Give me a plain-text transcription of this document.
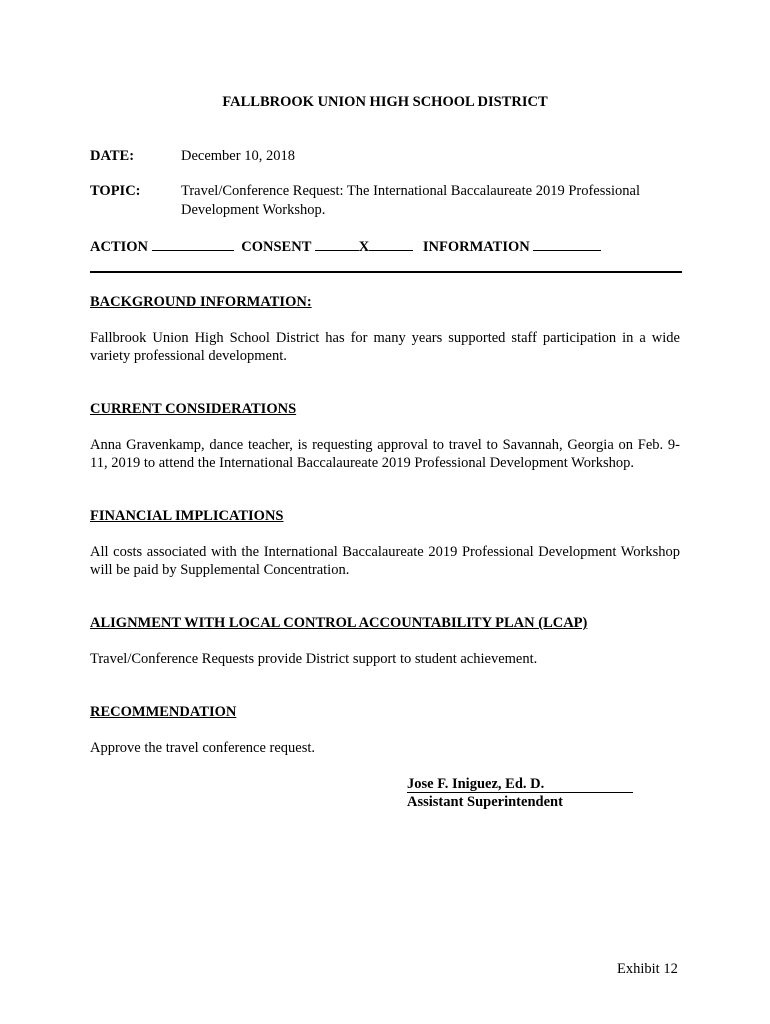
FALLBROOK UNION HIGH SCHOOL DISTRICT
DATE:	December 10, 2018
TOPIC:	Travel/Conference Request: The International Baccalaureate 2019 Professional
Development Workshop.
ACTION	CONSENT	X	INFORMATION
BACKGROUND INFORMATION:
Fallbrook Union High School District has for many years supported staff participation in a wide variety professional development.
CURRENT CONSIDERATIONS
Anna Gravenkamp, dance teacher, is requesting approval to travel to Savannah, Georgia on Feb. 9-11, 2019 to attend the International Baccalaureate 2019 Professional Development Workshop.
FINANCIAL IMPLICATIONS
All costs associated with the International Baccalaureate 2019 Professional Development Workshop will be paid by Supplemental Concentration.
ALIGNMENT WITH LOCAL CONTROL ACCOUNTABILITY PLAN (LCAP)
Travel/Conference Requests provide District support to student achievement.
RECOMMENDATION
Approve the travel conference request.
Jose F. Iniguez, Ed. D.
Assistant Superintendent
Exhibit 12
